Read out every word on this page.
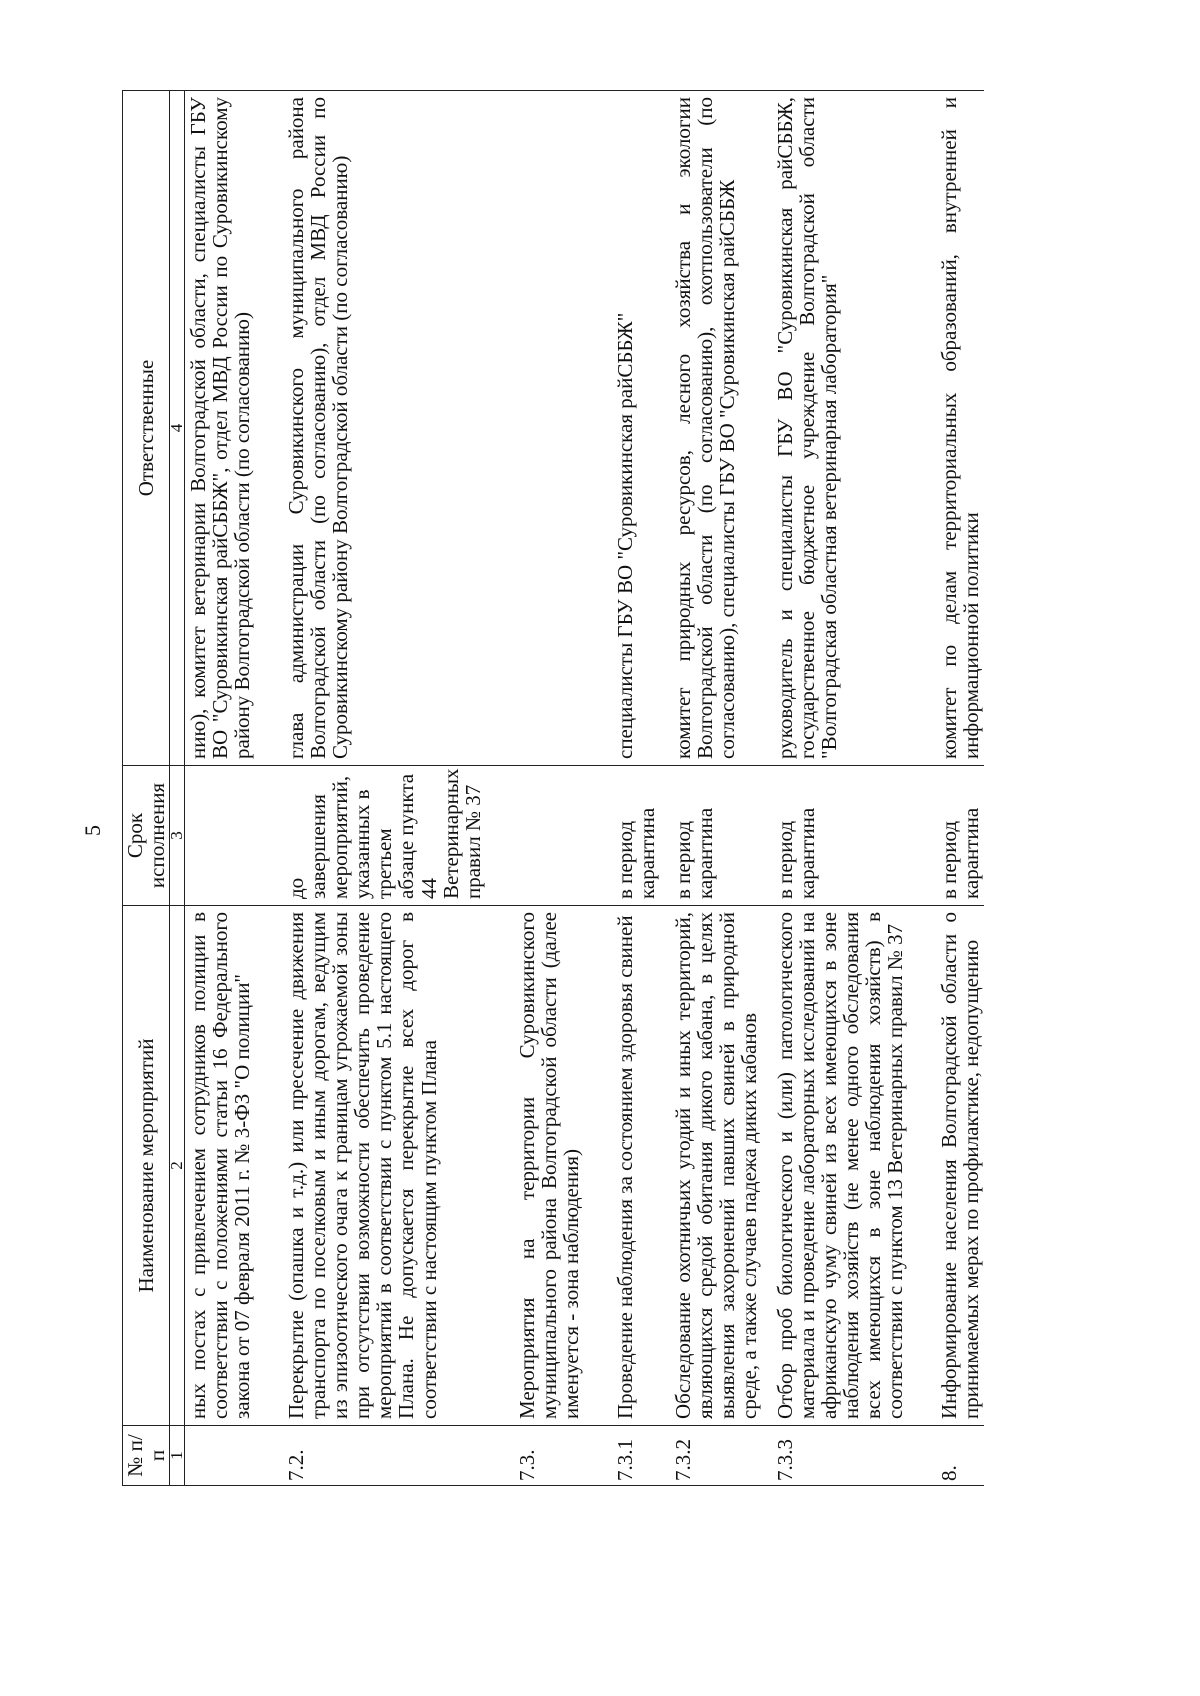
5
№ п/п	Наименование мероприятий	Срок исполнения	Ответственные
1	2	3	4
	ных постах с привлечением сотрудников полиции в соответствии с положениями статьи 16 Федерального закона от 07 февраля 2011 г. № 3-ФЗ "О полиции"		нию), комитет ветеринарии Волгоградской области, специалисты ГБУ ВО "Суровикинская райСББЖ", отдел МВД России по Суровикинскому району Волгоградской области (по согласованию)
7.2.	Перекрытие (опашка и т.д.) или пресечение движения транспорта по поселковым и иным дорогам, ведущим из эпизоотического очага к границам угрожаемой зоны при отсутствии возможности обеспечить проведение мероприятий в соответствии с пунктом 5.1 настоящего Плана. Не допускается перекрытие всех дорог в соответствии с настоящим пунктом Плана	до завершения мероприятий, указанных в третьем абзаце пункта 44 Ветеринарных правил № 37	глава администрации Суровикинского муниципального района Волгоградской области (по согласованию), отдел МВД России по Суровикинскому району Волгоградской области (по согласованию)
7.3.	Мероприятия на территории Суровикинского муниципального района Волгоградской области (далее именуется - зона наблюдения)		
7.3.1	Проведение наблюдения за состоянием здоровья свиней	в период карантина	специалисты ГБУ ВО "Суровикинская райСББЖ"
7.3.2	Обследование охотничьих угодий и иных территорий, являющихся средой обитания дикого кабана, в целях выявления захоронений павших свиней в природной среде, а также случаев падежа диких кабанов	в период карантина	комитет природных ресурсов, лесного хозяйства и экологии Волгоградской области (по согласованию), охотпользователи (по согласованию), специалисты ГБУ ВО "Суровикинская райСББЖ
7.3.3	Отбор проб биологического и (или) патологического материала и проведение лабораторных исследований на африканскую чуму свиней из всех имеющихся в зоне наблюдения хозяйств (не менее одного обследования всех имеющихся в зоне наблюдения хозяйств) в соответствии с пунктом 13 Ветеринарных правил № 37	в период карантина	руководитель и специалисты ГБУ ВО "Суровикинская райСББЖ, государственное бюджетное учреждение Волгоградской области "Волгоградская областная ветеринарная лаборатория"
8.	Информирование населения Волгоградской области о принимаемых мерах по профилактике, недопущению	в период карантина	комитет по делам территориальных образований, внутренней и информационной политики
